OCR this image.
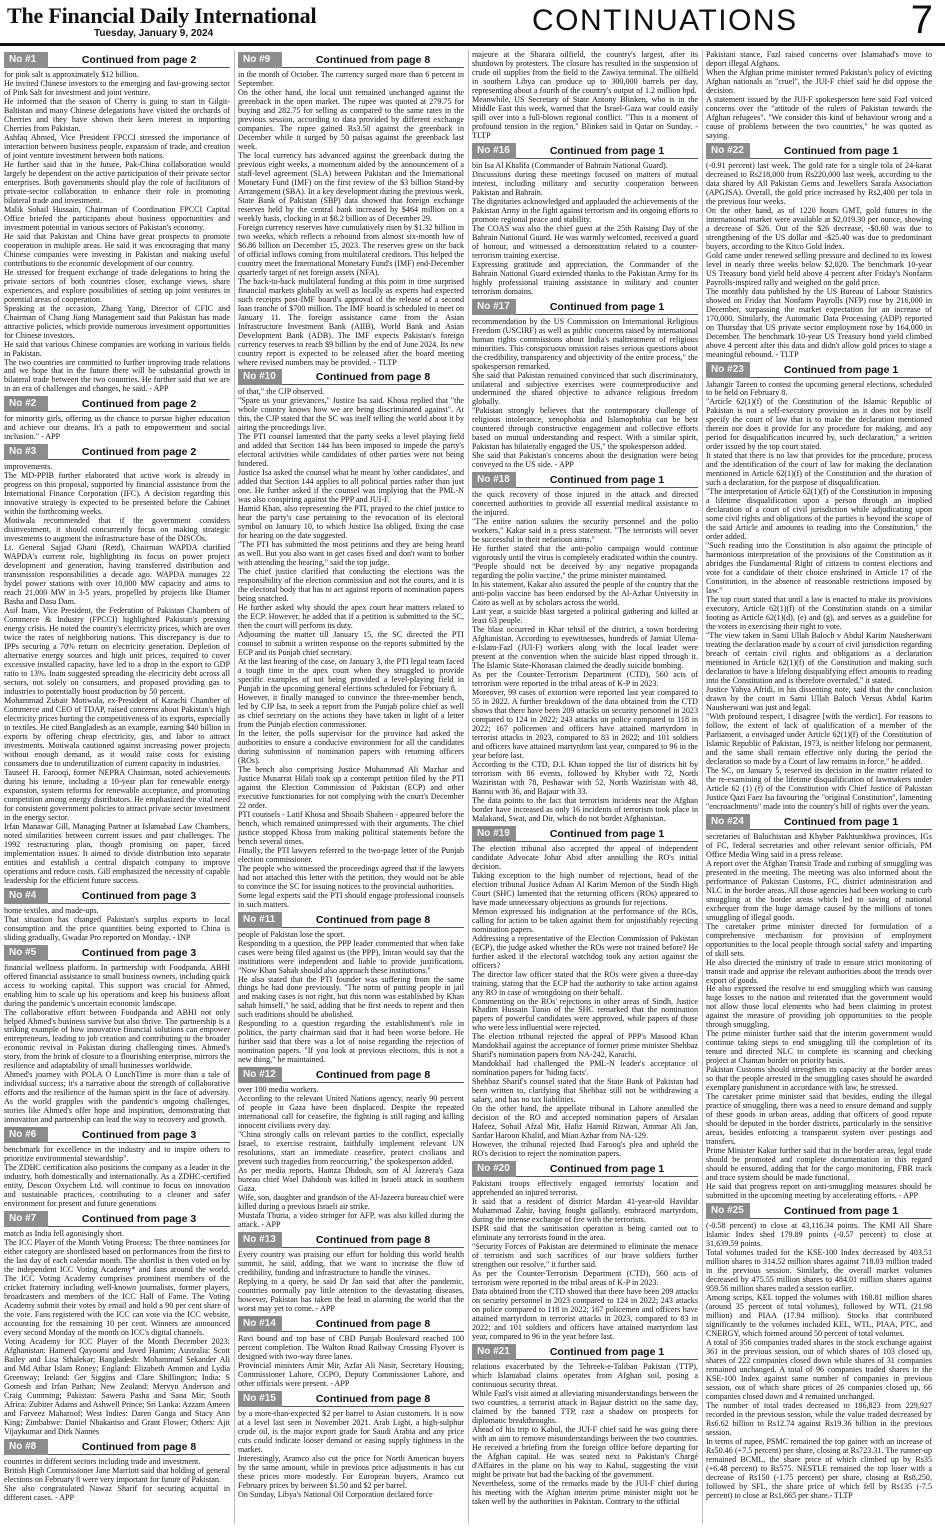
The Financial Daily International
Tuesday, January 9, 2024	CONTINUATIONS	7
No #1	Continued from page 2

for pink salt is approximately $12 billion.

He invited Chinese investors to the emerging and fast-growing sector of Pink Salt for investment and joint venture.

He informed that the season of Cherry is going to start in Gilgit-Baltistan and many Chinese delegations have visited the orchards of Cherries and they have shown their keen interest in importing Cherries from Pakistan.

Ashfaq Ahmed, Vice President FPCCI stressed the importance of interaction between business people, expansion of trade, and creation of joint venture investment between both nations.

He further said that in the future, Pak-China collaboration would largely be dependent on the active participation of their private sector enterprises. Both governments should play the role of facilitators of private-sector collaboration to enhance their role in promoting bilateral trade and investment.

Malik Sohail Hussain, Chairman of Coordination FPCCI Capital Office briefed the participants about business opportunities and investment potential in various sectors of Pakistan's economy.

He said that Pakistan and China have great prospects to promote cooperation in multiple areas. He said it was encouraging that many Chinese companies were investing in Pakistan and making useful contributions to the economic development of our country.

He stressed for frequent exchange of trade delegations to bring the private sectors of both countries closer, exchange views, share experiences, and explore possibilities of setting up joint ventures in potential areas of cooperation.

Speaking at the occasion, Zhang Yang, Director of CFIC and Chairman of Chang Jiang Management said that Pakistan has made attractive policies, which provide numerous investment opportunities for Chinese investors.

He said that various Chinese companies are working in various fields in Pakistan.

The two countries are committed to further improving trade relations and we hope that in the future there will be substantial growth in bilateral trade between the two countries. He further said that we are in an era of challenges and changes, he said. - APP

No #2	Continued from page 2

for minority girls, offering us the chance to pursue higher education and achieve our dreams. It's a path to empowerment and social inclusion." - APP

No #3	Continued from page 2

improvements.

The MD-PPIB further elaborated that active work is already in progress on this proposal, supported by financial assistance from the International Finance Corporation (IFC). A decision regarding this innovative strategy is expected to be presented before the Cabinet within the forthcoming weeks.

Motiwala recommended that if the government considers disinvestment, it should concurrently focus on making strategic investments to augment the infrastructure base of the DISCOs.

Lt. General Sajjad Ghani (Retd), Chairman WAPDA clarified WAPDA's current role, highlighting its focus on power project development and generation, having transferred distribution and transmission responsibilities a decade ago. WAPDA manages 22 hydel power stations with over 10,000 MW capacity and aims to reach 21,000 MW in 3-5 years, propelled by projects like Diamer Basha and Dasu Dam.

Asif Inam, Vice President, the Federation of Pakistan Chambers of Commerce & Industry (FPCCI) highlighted Pakistan's pressing energy crisis. He noted the country's electricity prices, which are over twice the rates of neighboring nations. This discrepancy is due to IPPs securing a 70% return on electricity generation. Depletion of alternative energy sources and high unit prices, required to cover excessive installed capacity, have led to a drop in the export to GDP ratio to 13%. Inam suggested spreading the electricity debt across all sectors, not solely on consumers, and proposed providing gas to industries to potentially boost production by 50 percent.

Mohammad Zubair Motiwala, ex-President of Karachi Chamber of Commerce and CEO of TDAP, raised concerns about Pakistan's high electricity prices hurting the competitiveness of its exports, especially in textiles. He cited Bangladesh as an example, earning $40 billion in exports by offering cheap electricity, gas, and labor to attract investments. Motiwala cautioned against increasing power projects without enough demand, as it would raise costs for existing consumers due to underutilization of current capacity in industries.

Tauseef H. Farooqi, former NEPRA Chairman, noted achievements during his tenure, including a 10-year plan for renewable energy expansion, system reforms for renewable acceptance, and promoting competition among energy distributors. He emphasized the vital need for consistent government policies to attract private sector investment in the energy sector.

Irfan Manawar Gill, Managing Partner at Islamabad Law Chambers, noted similarities between current issues and past challenges. The 1992 restructuring plan, though promising on paper, faced implementation issues. It aimed to divide distribution into separate entities and establish a central dispatch company to improve operations and reduce costs. Gill emphasized the necessity of capable leadership for the efficient future success.

No #4	Continued from page 3

home textiles, and made-ups.

That situation has changed Pakistan's surplus exports to local consumption and the price quantities being exported to China is sliding gradually, Gwadar Pro reported on Monday. - INP

No #5	Continued from page 3

financial wellness platform. In partnership with Foodpanda, ABHI offered financial assistance to small business owners, including quick access to working capital. This support was crucial for Ahmed, enabling him to scale up his operations and keep his business afloat during the pandemic's uncertain economic landscape.

The collaborative effort between Foodpanda and ABHI not only helped Ahmed's business survive but also thrive. The partnership is a striking example of how innovative financial solutions can empower entrepreneurs, leading to job creation and contributing to the broader economic revival in Pakistan during challenging times. Ahmed's story, from the brink of closure to a flourishing enterprise, mirrors the resilience and adaptability of small businesses worldwide.

Ahmed's journey with POLA O LunchTime is more than a tale of individual success; it's a narrative about the strength of collaborative efforts and the resilience of the human spirit in the face of adversity. As the world grapples with the pandemic's ongoing challenges, stories like Ahmed's offer hope and inspiration, demonstrating that innovation and partnership can lead the way to recovery and growth.

No #6	Continued from page 3

benchmark for excellence in the industry and to inspire others to prioritize environmental stewardship".

The ZDHC certification also positions the company as a leader in the industry, both domestically and internationally. As a ZDHC-certified entity, Descon Oxychem Ltd. will continue to focus on innovation and sustainable practices, contributing to a cleaner and safer environment for present and future generations

No #7	Continued from page 3

match as India fell agonisingly short.

The ICC Player of the Month Voting Process: The three nominees for either category are shortlisted based on performances from the first to the last day of each calendar month. The shortlist is then voted on by the independent ICC Voting Academy* and fans around the world. The ICC Voting Academy comprises prominent members of the cricket fraternity including well-known journalists, former players, broadcasters and members of the ICC Hall of Fame. The Voting Academy submit their votes by email and hold a 90 per cent share of the vote. Fans registered with the ICC can vote via the ICC website, accounting for the remaining 10 per cent. Winners are announced every second Monday of the month on ICC's digital channels.

Voting Academy for ICC Player of the Month December 2023: Afghanistan: Hameed Qayoomi and Javed Hamim; Australia: Scott Bailey and Lisa Sthalekar; Bangladesh: Mohammad Sekander Ali and Md Athar Islam Roney; England: Elizabeth Ammon and Lydia Greenway; Ireland: Ger Siggins and Clare Shillington; India: S Gomesh and Irfan Pathan; New Zealand: Mervyn Anderson and Craig Cumming; Pakistan: Sawera Pasha and Sana Mir; South Africa: Zubiter Adams and Ashwell Prince; Sri Lanka: Azzam Ameen and Farveez Maharoof; West Indies: Daren Ganga and Stacy Ann King; Zimbabwe: Daniel Nhakaniso and Grant Flower; Others: Ajit Vijaykumar and Dirk Nannes

No #8	Continued from page 8

countries in different sectors including trade and investment.

British High Commissioner Jane Marriott said that holding of general elections on February 8 were very important for future of Pakistan.

She also congratulated Nawaz Sharif for securing acquittal in different cases. - APP

No #9	Continued from page 8

in the month of October. The currency surged more than 6 percent in September.

On the other hand, the local unit remained unchanged against the greenback in the open market. The rupee was quoted at 279.75 for buying and 282.75 for selling as compared to the same rates in the previous session, according to data provided by different exchange companies. The rupee gained Rs3.50 against the greenback in December while it surged by 50 paisas against the greenback last week.

The local currency has advanced against the greenback during the previous eight weeks, a momentum aided by the announcement of a staff-level agreement (SLA) between Pakistan and the International Monetary Fund (IMF) on the first review of the $3 billion Stand-by Arrangement (SBA). In a key development during the previous week, State Bank of Pakistan (SBP) data showed that foreign exchange reserves held by the central bank increased by $464 million on a weekly basis, clocking in at $8.2 billion as of December 29.

Foreign currency reserves have cumulatively risen by $1.32 billion in two weeks, which reflects a rebound from almost six-month low of $6.86 billion on December 15, 2023. The reserves grew on the back of official inflows coming from multilateral creditors. This helped the country meet the International Monetary Fund's (IMF) end-December quarterly target of net foreign assets (NFA).

The back-to-back multilateral funding at this point in time surprised financial markets globally as well as locally as experts had expected such receipts post-IMF board's approval of the release of a second loan tranche of $700 million. The IMF board is scheduled to meet on January 11. The foreign assistance came from the Asian Infrastructure Investment Bank (AIIB), World Bank and Asian Development Bank (ADB). The IMF expects Pakistan's foreign currency reserves to reach $9 billion by the end of June 2024. Its new country report is expected to be released after the board meeting where revised numbers may be provided. - TLTP

No #10	Continued from page 8

of that," the CJP observed.

"Spare us your grievances," Justice Isa said. Khosa replied that "the whole country knows how we are being discriminated against". At this, the CJP stated that the SC was itself telling the world about it by airing the proceedings live.

The PTI counsel lamented that the party seeks a level playing field and added that Section 144 has been imposed to impede the party's electoral activities while candidates of other parties were not being hindered.

Justice Isa asked the counsel what he meant by 'other candidates', and added that Section 144 applies to all political parties rather than just one. He further asked if the counsel was implying that the PML-N was also conspiring against the PPP and JUI-F.

Hamid Khan, also representing the PTI, prayed to the chief justice to hear the party's case pertaining to the revocation of its electoral symbol on January 10, to which Justice Isa obliged, fixing the case for hearing on the date suggested.

"The PTI has submitted the most petitions and they are being heard as well. But you also want to get cases fixed and don't want to bother with attending the hearing," said the top judge.

The chief justice clarified that conducting the elections was the responsibility of the election commission and not the courts, and it is the electoral body that has to act against reports of nomination papers being snatched.

He further asked why should the apex court hear matters related to the ECP. However, he added that if a petition is submitted to the SC, then the court will perform its duty.

Adjourning the matter till January 15, the SC directed the PTI counsel to submit a written response on the reports submitted by the ECP and its Punjab chief secretary.

At the last hearing of the case, on January 3, the PTI legal team faced a tough time in the apex court when they struggled to provide specific examples of not being provided a level-playing field in Punjab in the upcoming general elections scheduled for February 8.

However, it finally managed to convince the three-member bench, led by CJP Isa, to seek a report from the Punjab police chief as well as chief secretary on the actions they have taken in light of a letter from the Punjab election commissioner.

In the letter, the polls supervisor for the province had asked the authorities to ensure a conducive environment for all the candidates during submission of nomination papers with returning officers (ROs).

The bench also comprising Justice Muhammad Ali Mazhar and Justice Musarrat Hilali took up a contempt petition filed by the PTI against the Election Commission of Pakistan (ECP) and other executive functionaries for not complying with the court's December 22 order.

PTI counsels - Latif Khosa and Shoaib Shaheen - appeared before the bench, which remained unimpressed with their arguments. The chief justice stopped Khosa from making political statements before the bench several times.

Finally, the PTI lawyers referred to the two-page letter of the Punjab election commissioner.

The people who witnessed the proceedings agreed that if the lawyers had not attached this letter with the petition, they would not be able to convince the SC for issuing notices to the provincial authorities.

Some legal experts said the PTI should engage professional counsels in such matters.

No #11	Continued from page 8

people of Pakistan lose the sport.

Responding to a question, the PPP leader commented that when fake cases were being filed against us (the PPP), Imran would say that the institutions were independent and liable to provide justifications. "Now Khan Sahab should also approach these institutions."

He also stated that the PTI founder was suffering from the same things he had done previously. "The norm of putting people in jail and making cases is not right, but this norm was established by Khan sahab himself," he said, adding that he first needs to repent and then such traditions should be abolished.

Responding to a question regarding the establishment's role in politics, the party chairman said that it had been worse before. He further said that there was a lot of noise regarding the rejection of nomination papers. "If you look at previous elections, this is not a new thing," he maintained.

No #12	Continued from page 8

over 100 media workers.

According to the relevant United Nations agency, nearly 90 percent of people in Gaza have been displaced. Despite the repeated international call for ceasefire, the fighting is still raging and killing innocent civilians every day.

"China strongly calls on relevant parties to the conflict, especially Israel, to exercise restraint, faithfully implement relevant UN resolutions, start an immediate ceasefire, protect civilians and prevent such tragedies from reoccurring," the spokesperson added.

As per media reports, Hamza Dhdouh, son of Al Jazeera's Gaza bureau chief Wael Dahdouh was killed in Israeli attack in southern Gaza.

Wife, son, daughter and grandson of the Al-Jazeera bureau chief were killed during a previous Israeli air strike.

Mustafa Thuria, a video stringer for AFP, was also killed during the attack. - APP

No #13	Continued from page 8

Every country was praising our effort for holding this world health summit, he said, adding, that we want to increase the flow of credibility, funding and infrastructure to handle the viruses.

Replying to a query, he said Dr Jan said that after the pandemic, countries normally pay little attention to the devastating diseases, however, Pakistan has taken the lead in alarming the world that the worst may yet to come. - APP

No #14	Continued from page 8

Ravi bound and top base of CBD Punjab Boulevard reached 100 percent completion. The Walton Road Railway Crossing Flyover is designed with two-way three lanes.

Provincial ministers Amir Mir, Azfar Ali Nasir, Secretary Housing, Commissioner Lahore, CCPO, Deputy Commissioner Lahore, and other officials were present. - APP

No #15	Continued from page 8

by a more-than-expected $2 per barrel to Asian customers. It is now at a level last seen in November 2021. Arab Light, a high-sulphur crude oil, is the major export grade for Saudi Arabia and any price cuts could indicate looser demand or easing supply tightness in the market.

Interestingly, Aramco also cut the price for North American buyers by the same amount, while in previous price adjustments it has cut these prices more modestly. For European buyers, Aramco cut February prices by between $1.50 and $2 per barrel.

On Sunday, Libya's National Oil Corporation declared force

majeure at the Sharara oilfield, the country's largest, after its shutdown by protesters. The closure has resulted in the suspension of crude oil supplies from the field to the Zawiya terminal. The oilfield in southern Libya can produce up to 300,000 barrels per day, representing about a fourth of the country's output of 1.2 million bpd.

Meanwhile, US Secretary of State Antony Blinken, who is in the Middle East this week, warned that the Israel-Gaza war could easily spill over into a full-blown regional conflict. "This is a moment of profound tension in the region," Blinken said in Qatar on Sunday. - TLTP

No #16	Continued from page 1

bin Isa Al Khalifa (Commander of Bahrain National Guard).

Discussions during these meetings focused on matters of mutual interest, including military and security cooperation between Pakistan and Bahrain.

The dignitaries acknowledged and applauded the achievements of the Pakistan Army in the fight against terrorism and its ongoing efforts to promote regional peace and stability.

The COAS was also the chief guest at the 25th Raising Day of the Bahrain National Guard. He was warmly welcomed, received a guard of honour, and witnessed a demonstration related to a counter-terrorism training exercise.

Expressing gratitude and appreciation, the Commander of the Bahrain National Guard extended thanks to the Pakistan Army for its highly professional training assistance in military and counter terrorism domains.

No #17	Continued from page 1

recommendation by the US Commission on International Religious Freedom (USCIRF) as well as public concerns raised by international human rights commissions about India's maltreatment of religious minorities. This conspicuous omission raises serious questions about the credibility, transparency and objectivity of the entire process," the spokesperson remarked.

She said that Pakistan remained convinced that such discriminatory, unilateral and subjective exercises were counterproductive and undermined the shared objective to advance religious freedom globally.

"Pakistan strongly believes that the contemporary challenge of religious intolerance, xenophobia and Islamophobia can be best countered through constructive engagement and collective efforts based on mutual understanding and respect. With a similar spirit, Pakistan has bilaterally engaged the US," the spokesperson added.

She said that Pakistan's concerns about the designation were being conveyed to the US side. - APP

No #18	Continued from page 1

the quick recovery of those injured in the attack and directed concerned authorities to provide all essential medical assistance to the injured.

"The entire nation salutes the security personnel and the polio workers," Kakar said in a press statement. "The terrorists will never be successful in their nefarious aims."

He further stated that the anti-polio campaign would continue vigorously until the virus is completely eradicated within the country.

"People should not be deceived by any negative propaganda regarding the polio vaccine," the prime minister maintained.

In his statement, Kakar also assured the people of the country that the anti-polio vaccine has been endorsed by the Al-Azhar University in Cairo as well as by scholars across the world.

Last year, a suicide blast targeted a political gathering and killed at least 63 people.

The blast occurred in Khar tehsil of the district, a town bordering Afghanistan. According to eyewitnesses, hundreds of Jamiat Ulema-e-Islam-Fazl (JUI-F) workers along with the local leader were present at the convention when the suicide blast ripped through it. The Islamic State-Khorasan claimed the deadly suicide bombing.

As per the Counter-Terrorism Department (CTD), 560 acts of terrorism were reported in the tribal areas of K-P in 2023.

Moreover, 99 cases of extortion were reported last year compared to 55 in 2022. A further breakdown of the data obtained from the CTD shows that there have been 209 attacks on security personnel in 2023 compared to 124 in 2022; 243 attacks on police compared to 118 in 2022; 167 policemen and officers have attained martyrdom in terrorist attacks in 2023, compared to 83 in 2022; and 101 soldiers and officers have attained martyrdom last year, compared to 96 in the year before last.

According to the CTD, D.I. Khan topped the list of districts hit by terrorism with 86 events, followed by Khyber with 72, North Waziristan with 78, Peshawar with 52, North Waziristan with 48, Bannu with 36, and Bajaur with 33.

The data points to the fact that terrorism incidents near the Afghan border have increased as only 16 incidents of terrorism took place in Malakand, Swat, and Dir, which do not border Afghanistan.

No #19	Continued from page 1

The election tribunal also accepted the appeal of independent candidate Advocate Johar Abid after annulling the RO's initial decision.

Taking exception to the high number of rejections, head of the election tribunal Justice Adnan Al Karim Memon of the Sindh High Court (SHC) lamented that the returning officers (ROs) appeared to have made unnecessary objections as grounds for rejections.

Memon expressed his indignation at the performance of the ROs, calling for action to be taken against them for unjustifiably rejecting nomination papers.

Addressing a representative of the Election Commission of Pakistan (ECP), the judge asked whether the ROs were not trained before? He further asked if the electoral watchdog took any action against the officers?

The director law officer stated that the ROs were given a three-day training, stating that the ECP had the authority to take action against any RO in case of wrongdoing on their behalf.

Commenting on the ROs' rejections in other areas of Sindh, Justice Khadim Hussain Tunio of the SHC remarked that the nomination papers of powerful candidates were approved, while papers of those who were less influential were rejected.

The election tribunal rejected the appeal of PPP's Masood Khan Mandokhail against the acceptance of former prime minister Shehbaz Sharif's nomination papers from NA-242, Karachi.

Mandokhail had challenged the PML-N leader's acceptance of nomination papers for 'hiding facts'.

Shehbaz Sharif's counsel stated that the State Bank of Pakistan had been written to, clarifying that Shehbaz still not be withdrawing a salary, and has no tax liabilities.

On the other hand, the appellate tribunal in Lahore annulled the decision of the RO and accepted nomination papers of Arsalan Hafeez, Sohail Afzal Mir, Hafiz Hamid Rizwan, Ammar Ali Jan, Sardar Haroon Khalid, and Mian Azhar from NA-129.

However, the tribunal rejected Ibad Farooq's plea and upheld the RO's decision to reject the nomination papers.

No #20	Continued from page 1

Pakistani troops effectively engaged terrorists' location and apprehended an injured terrorist.

It said that a resident of district Mardan 41-year-old Havildar Muhammad Zahir, having fought gallantly, embraced martyrdom, during the intense exchange of fire with the terrorists.

ISPR said that the sanitisation operation is being carried out to eliminate any terrorists found in the area.

"Security Forces of Pakistan are determined to eliminate the menace of terrorism and such sacrifices of our brave soldiers further strengthen our resolve," it further said.

As per the Counter-Terrorism Department (CTD), 560 acts of terrorism were reported in the tribal areas of K-P in 2023.

Data obtained from the CTD showed that there have been 209 attacks on security personnel in 2023 compared to 124 in 2022; 243 attacks on police compared to 118 in 2022; 167 policemen and officers have attained martyrdom in terrorist attacks in 2023, compared to 83 in 2022; and 101 soldiers and officers have attained martyrdom last year, compared to 96 in the year before last.

No #21	Continued from page 1

relations exacerbated by the Tehreek-e-Taliban Pakistan (TTP), which Islamabad claims operates from Afghan soil, posing a continuous security threat.

While Fazl's visit aimed at alleviating misunderstandings between the two countries, a terrorist attack in Bajaur district on the same day, claimed by the banned TTP, cast a shadow on prospects for diplomatic breakthroughs.

Ahead of his trip to Kabul, the JUI-F chief said he was going there with an aim to remove misunderstandings between the two countries. He received a briefing from the foreign office before departing for the Afghan capital. He was seated next to Pakistan's Chargé d'Affaires in the plane on his way to Kabul, suggesting the visit might be private but had the backing of the government.

Nevertheless, some of the remarks made by the JUI-F chief during his meeting with the Afghan interim prime minister might not be taken well by the authorities in Pakistan. Contrary to the official

Pakistani stance, Fazl raised concerns over Islamabad's move to deport illegal Afghans.

When the Afghan prime minister termed Pakistan's policy of evicting Afghan nationals as "cruel", the JUI-F chief said he did oppose the decision.

A statement issued by the JUI-F spokesperson here said Fazl voiced concerns over the "attitude of the rulers of Pakistan towards the Afghan refugees". "We consider this kind of behaviour wrong and a cause of problems between the two countries," he was quoted as saying.

No #22	Continued from page 1

(-0.91 percent) last week. The gold rate for a single tola of 24-karat decreased to Rs218,000 from Rs220,000 last week, according to the data shared by All Pakistan Gems and Jewellers Sarafa Association (APGJSA). Overall, the gold price increased by Rs2,400 per tola in the previous four weeks.

On the other hand, as of 1220 hours GMT, gold futures in the international market were available at $2,019.30 per ounce, showing a decrease of $26. Out of the $26 decrease, -$0.60 was due to strengthening of the US dollar and -$25.40 was due to predominant buyers, according to the Kitco Gold Index.

Gold came under renewed selling pressure and declined to its lowest level in nearly three weeks below $2,020. The benchmark 10-year US Treasury bond yield held above 4 percent after Friday's Nonfarm Payrolls-inspired rally and weighed on the gold price.

The monthly data published by the US Bureau of Labour Statistics showed on Friday that Nonfarm Payrolls (NFP) rose by 216,000 in December, surpassing the market expectation for an increase of 170,000. Similarly, the Automatic Data Processing (ADP) reported on Thursday that US private sector employment rose by 164,000 in December. The benchmark 10-year US Treasury bond yield climbed above 4 percent after this data and didn't allow gold prices to stage a meaningful rebound. - TLTP

No #23	Continued from page 1

Jahangir Tareen to contest the upcoming general elections, scheduled to be held on February 8.

"Article 62(1)(f) of the Constitution of the Islamic Republic of Pakistan is not a self-executory provision as it does not by itself specify the court of law that is to make the declaration mentioned therein nor does it provide for any procedure for making, and any period for disqualification incurred by, such declaration," a written order issued by the top court stated.

It stated that there is no law that provides for the procedure, process and the identification of the court of law for making the declaration mentioned in Article 62(1)(f) of the Constitution and the duration of such a declaration, for the purpose of disqualification.

"The interpretation of Article 62(1)(f) of the Constitution in imposing a lifetime disqualification upon a person through an implied declaration of a court of civil jurisdiction while adjudicating upon some civil rights and obligations of the parties is beyond the scope of the said Article and amounts to reading into the Constitution," the order added.

"Such reading into the Constitution is also against the principle of harmonious interpretation of the provisions of the Constitution as it abridges the Fundamental Right of citizens to contest elections and vote for a candidate of their choice enshrined in Article 17 of the Constitution, in the absence of reasonable restrictions imposed by law."

The top court stated that until a law is enacted to make its provisions executory, Article 62(1)(f) of the Constitution stands on a similar footing as Article 62(1)(d), (e) and (g), and serves as a guideline for the voters in exercising their right to vote.

"The view taken in Sami Ullah Baloch v Abdul Karim Nausherwani treating the declaration made by a court of civil jurisdiction regarding breach of certain civil rights and obligations as a declaration mentioned in Article 62(1)(f) of the Constitution and making such declaration to have a lifelong disqualifying effect amounts to reading into the Constitution and is therefore overruled," it stated.

Justice Yahya Afridi, in his dissenting note, said that the conclusion drawn by the court in Sami Ullah Baloch Versus Abdul Karim Nausherwani was just and legal.

"With profound respect, I disagree [with the verdict]. For reasons to follow, the extent of lack of qualification of a member of the Parliament, a envisaged under Article 62(1)(f) of the Constitution of Islamic Republic of Pakistan, 1973, is neither lifelong nor permanent, and the same shall remain effective only during the period the declaration so made by a Court of law remains in force," he added.

The SC, on January 5, reserved its decision in the matter related to the re-examining of the lifetime disqualification of lawmakers under Article 62 (1) (f) of the Constitution with Chief Justice of Pakistan Justice Qazi Faez Isa favouring the "original Constitution", lamenting "encroachments" made into the country's bill of rights over the years.

No #24	Continued from page 1

secretaries of Balochistan and Khyber Pakhtunkhwa provinces, IGs of FC, federal secretaries and other relevant senior officials, PM Office Media Wing said in a press release.

A report over the Afghan Transit Trade and curbing of smuggling was presented in the meeting. The meeting was also informed about the performance of Pakistan Customs, FC, district administration and NLC in the border areas. All those agencies had been working to curb smuggling at the border areas which led to saving of national exchequer from the huge damage caused by the millions of tones smuggling of illegal goods.

The caretaker prime minister directed for formulation of a comprehensive mechanism for provision of employment opportunities to the local people through social safety and imparting of skill sets.

He also directed the ministry of trade to ensure strict monitoring of transit trade and apprise the relevant authorities about the trends over export of goods.

He also expressed the resolve to end smuggling which was causing huge losses to the nation and reiterated that the government would not allow those local elements who had been claiming in protest against the measure of providing job opportunities to the people through smuggling.

The prime minister further said that the interim government would continue taking steps to end smuggling till the completion of its tenure and directed NLC to complete its scanning and checking project at Chaman border on priority basis.

Pakistan Customs should strengthen its capacity at the border areas so that the people arrested in the smuggling cases should be awarded exemplary punishment in accordance with law, he stressed.

The caretaker prime minister said that besides, ending the illegal practice of smuggling, there was a need to ensure demand and supply of these goods in urban areas, adding that officers of good repute should be deputed in the border districts, particularly in the sensitive areas, besides enforcing a transparent system over postings and transfers.

Prime Minister Kakar further said that in the border areas, legal trade should be promoted and complete documentation in this regard should be ensured, adding that for the cargo monitoring, FBR track and trace system should be made functional.

He said that progress report on anti-smuggling measures should be submitted in the upcoming meeting by accelerating efforts. - APP

No #25	Continued from page 1

(-0.58 percent) to close at 43,116.34 points. The KMI All Share Islamic Index shed 179.89 points (-0.57 percent) to close at 31,639.59 points.

Total volumes traded for the KSE-100 Index decreased by 403.51 million shares to 314.52 million shares against 718.03 million traded in the previous session. Similarly, the overall market volumes decreased by 475.55 million shares to 484.01 million shares against 959.56 million shares traded a session earlier.

Among scrips, KEL topped the volumes with 168.81 million shares (around 35 percent of total volumes), followed by WTL (21.98 million) and PIAA (17.94 million). Stocks that contributed significantly to the volumes included KEL, WTL, PIAA, PTC, and CNERGY, which formed around 50 percent of total volumes.

A total of 356 companies traded shares in the stock exchange against 361 in the previous session, out of which shares of 103 closed up, shares of 222 companies closed down while shares of 31 companies remained unchanged. A total of 96 companies traded shares in the KSE-100 Index against same number of companies in previous session, out of which share prices of 26 companies closed up, 66 companies closed down and 4 remained unchanged.

The number of total trades decreased to 186,823 from 229,927 recorded in the previous session, while the value traded decreased by Rs6.62 billion to Rs12.74 against Rs19.36 billion in the previous session.

In terms of rupee, PSMC remained the top gainer with an increase of Rs50.46 (+7.5 percent) per share, closing at Rs723.31. The runner-up remained BCML, the share price of which climbed up by Rs35 (+6.48 percent) to Rs575. NESTLE remained the top loser with a decrease of Rs150 (-1.75 percent) per share, closing at Rs8,250, followed by SFL, the share price of which fell by Rs135 (-7.5 percent) to close at Rs1,665 per share.- TLTP
